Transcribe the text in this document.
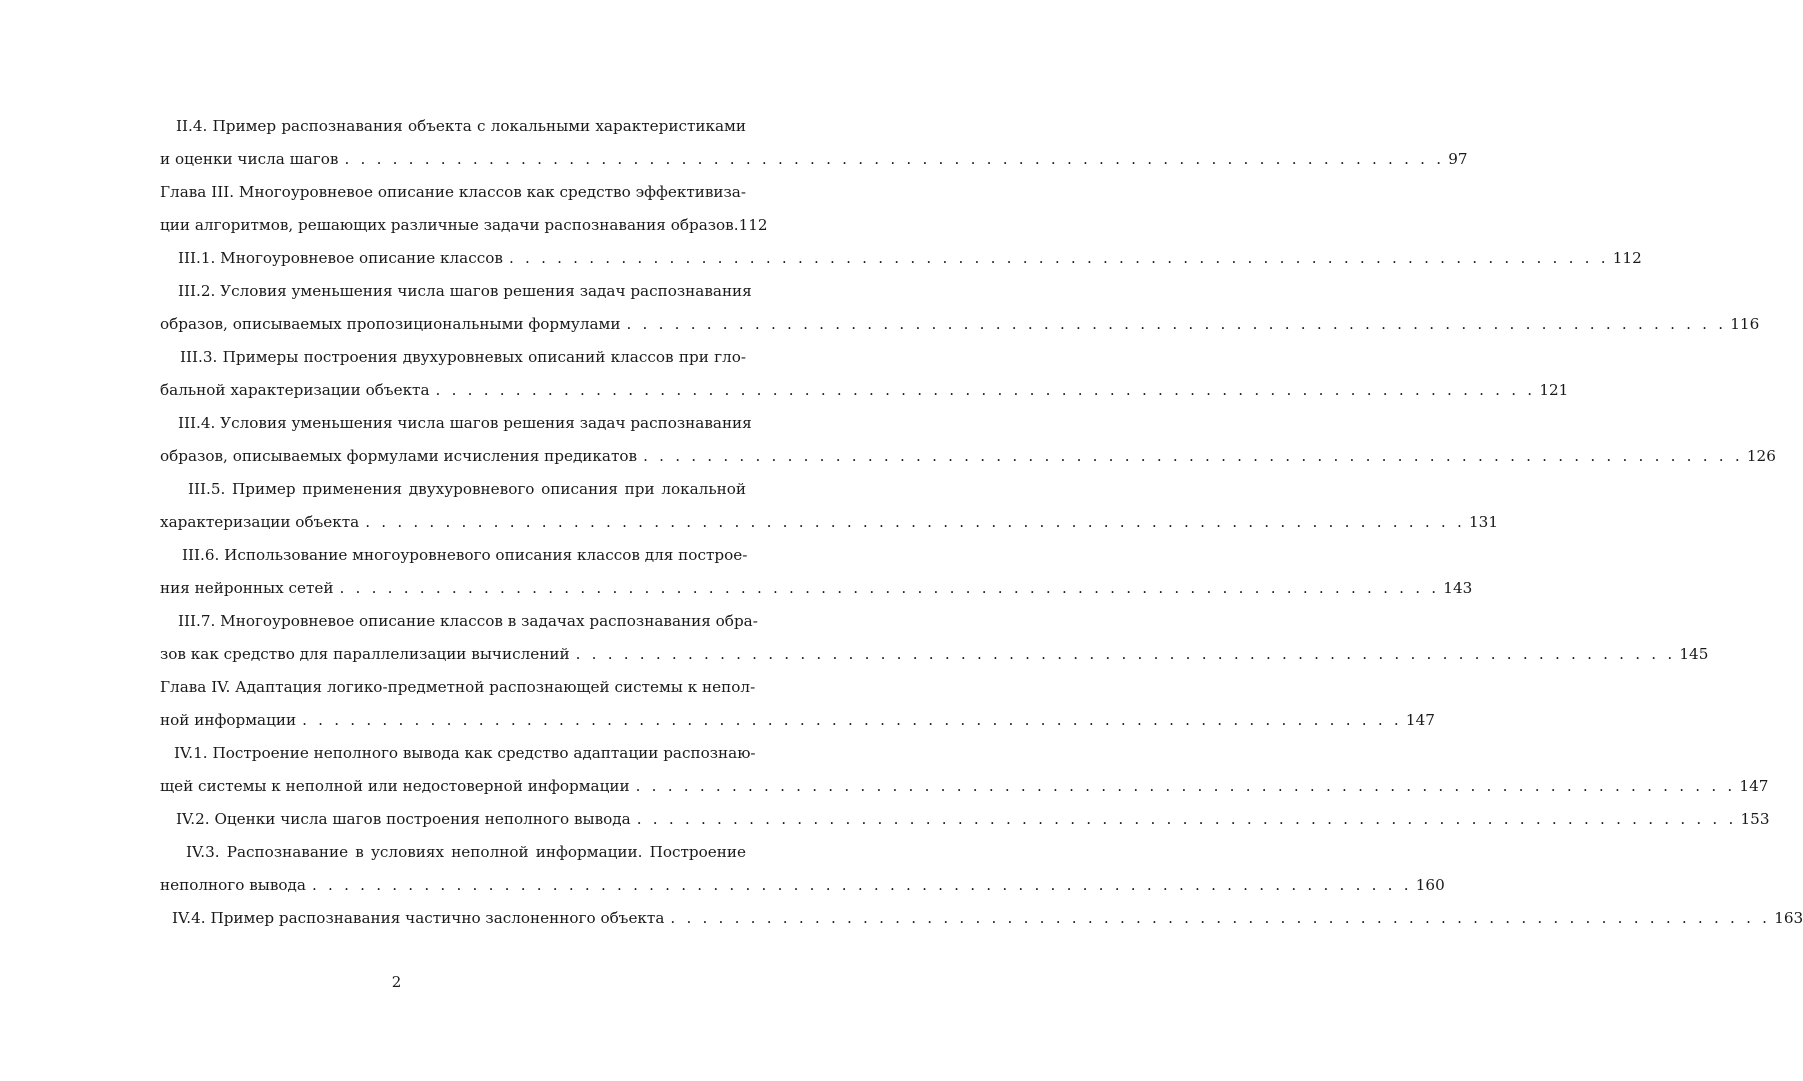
II.4. Пример распознавания объекта с локальными характеристиками
и оценки числа шагов . . .	97
Глава III. Многоуровневое описание классов как средство эффективиза-
ции алгоритмов, решающих различные задачи распознавания образов .112
III.1. Многоуровневое описание классов . . .	112
III.2. Условия уменьшения числа шагов решения задач распознавания
образов, описываемых пропозициональными формулами . . .	116
III.3. Примеры построения двухуровневых описаний классов при гло-
бальной характеризации объекта . . .	121
III.4. Условия уменьшения числа шагов решения задач распознавания
образов, описываемых формулами исчисления предикатов . . .	126
III.5. Пример применения двухуровневого описания при локальной
характеризации объекта . . .	131
III.6. Использование многоуровневого описания классов для построе-
ния нейронных сетей . . .	143
III.7. Многоуровневое описание классов в задачах распознавания обра-
зов как средство для параллелизации вычислений . . .	145
Глава IV. Адаптация логико-предметной распознающей системы к непол-
ной информации . . .	147
IV.1. Построение неполного вывода как средство адаптации распознаю-
щей системы к неполной или недостоверной информации . . .	147
IV.2. Оценки числа шагов построения неполного вывода . . .	153
IV.3. Распознавание в условиях неполной информации. Построение
неполного вывода . . .	160
IV.4. Пример распознавания частично заслоненного объекта . . .	163
2
